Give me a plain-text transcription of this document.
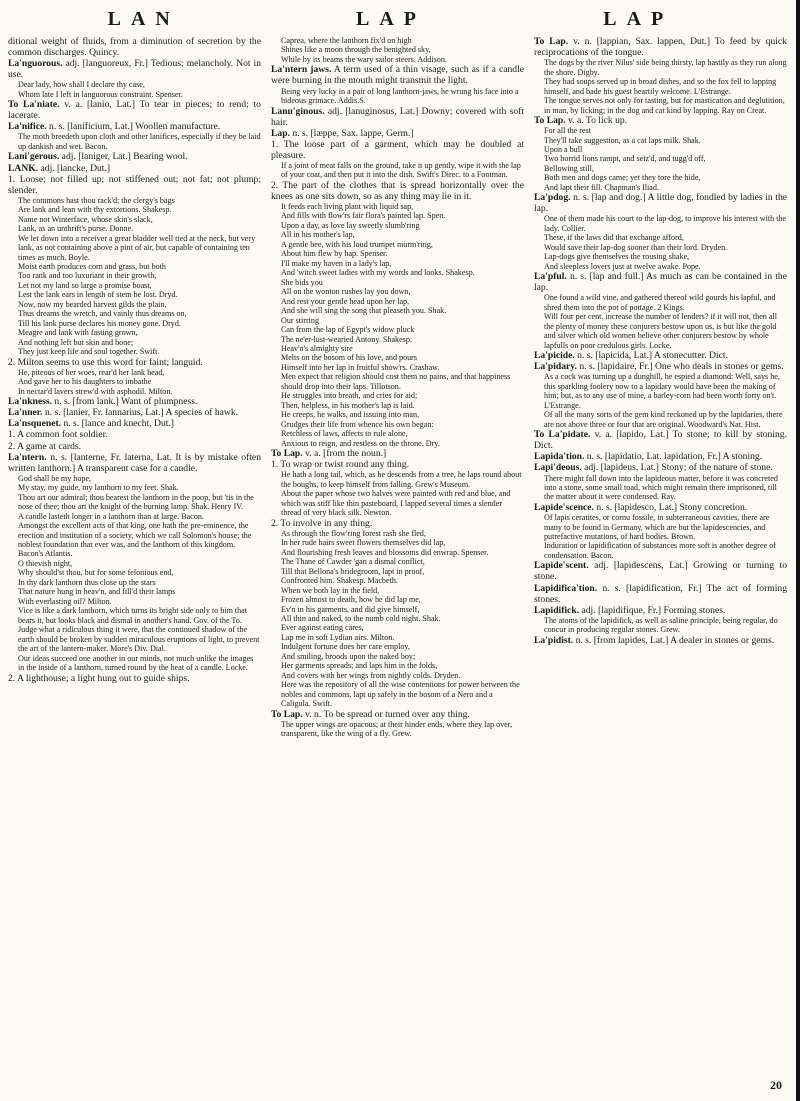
LAN	LAP	LAP

ditional weight of fluids, from a diminution of secretion by the common discharges. Quincy.

La'nguorous. adj. [languoreux, Fr.] Tedious; melancholy. Not in use.

Dear lady, how shall I declare thy case,
Whom late I left in languorous constraint. Spenser.

To La'niate. v. a. [lanio, Lat.] To tear in pieces; to rend; to lacerate.

La'nifice. n. s. [lanificium, Lat.] Woollen manufacture.

The moth breedeth upon cloth and other lanifices, especially if they be laid up dankish and wet. Bacon.

Lani'gerous. adj. [laniger, Lat.] Bearing wool.

LANK. adj. [lancke, Dut.]

1. Loose; not filled up; not stiffened out; not fat; not plump; slender.

The commons hast thou rack'd; the clergy's bags
Are lank and lean with thy extortions. Shakesp.
Name not Winterface, whose skin's slack,
Lank, as an unthrift's purse. Donne.
We let down into a receiver a great bladder well tied at the neck, but very lank, as not containing above a pint of air, but capable of containing ten times as much. Boyle.
Moist earth produces corn and grass, but both
Too rank and too luxuriant in their growth,
Let not my land so large a promise boast,
Lest the lank ears in length of stem be lost. Dryd.
Now, now my bearded harvest gilds the plain,
Thus dreams the wretch, and vainly thus dreams on,
Till his lank purse declares his money gone. Dryd.
Meagre and lank with fasting grown,
And nothing left but skin and bone;
They just keep life and soul together. Swift.

2. Milton seems to use this word for faint; languid.

He, piteous of her woes, rear'd her lank head,
And gave her to his daughters to imbathe
In nectar'd lavers strew'd with asphodil. Milton.

La'nkness. n. s. [from lank.] Want of plumpness.

La'nner. n. s. [lanier, Fr. lannarius, Lat.] A species of hawk.

La'nsquenet. n. s. [lance and knecht, Dut.]

1. A common foot soldier.

2. A game at cards.

La'ntern. n. s. [lanterne, Fr. laterna, Lat. It is by mistake often written lanthorn.] A transparent case for a candle.

God shall be my hope,
My stay, my guide, my lanthorn to my feet. Shak.
Thou art our admiral; thou bearest the lanthorn in the poop, but 'tis in the nose of thee; thou art the knight of the burning lamp. Shak. Henry IV.
A candle lasteth longer in a lanthorn than at large. Bacon.
Amongst the excellent acts of that king, one hath the pre-eminence, the erection and institution of a society, which we call Solomon's house; the noblest foundation that ever was, and the lanthorn of this kingdom. Bacon's Atlantis.
O thievish night,
Why should'st thou, but for some felonious end,
In thy dark lanthorn thus close up the stars
That nature hung in heav'n, and fill'd their lamps
With everlasting oil? Milton.
Vice is like a dark lanthorn, which turns its bright side only to him that bears it, but looks black and dismal in another's hand. Gov. of the To.
Judge what a ridiculous thing it were, that the continued shadow of the earth should be broken by sudden miraculous eruptions of light, to prevent the art of the lantern-maker. More's Div. Dial.
Our ideas succeed one another in our minds, not much unlike the images in the inside of a lanthorn, turned round by the heat of a candle. Locke.

2. A lighthouse; a light hung out to guide ships.

Caprea, where the lanthorn fix'd on high
Shines like a moon through the benighted sky,
While by its beams the wary sailor steers. Addison.

La'ntern jaws. A term used of a thin visage, such as if a candle were burning in the mouth might transmit the light.

Being very lucky in a pair of long lanthorn-jaws, he wrung his face into a hideous grimace. Addis.S.

Lanu'ginous. adj. [lanuginosus, Lat.] Downy; covered with soft hair.

Lap. n. s. [læppe, Sax. lappe, Germ.]

1. The loose part of a garment, which may be doubled at pleasure.

If a joint of meat falls on the ground, take it up gently, wipe it with the lap of your coat, and then put it into the dish. Swift's Direc. to a Footman.

2. The part of the clothes that is spread horizontally over the knees as one sits down, so as any thing may lie in it.

It feeds each living plant with liquid sap,
And fills with flow'rs fair flora's painted lap. Spen.
Upon a day, as love lay sweetly slumb'ring
All in his mother's lap,
A gentle bee, with his loud trumpet murm'ring,
About him flew by hap. Spenser.
I'll make my haven in a lady's lap,
And 'witch sweet ladies with my words and looks. Shakesp.
She bids you
All on the wonton rushes lay you down,
And rest your gentle head upon her lap,
And she will sing the song that pleaseth you. Shak.
Our stirring
Can from the lap of Egypt's widow pluck
The ne'er-lust-wearied Antony. Shakesp.
Heav'n's almighty sire
Melts on the bosom of his love, and pours
Himself into her lap in fruitful show'rs. Crashaw.
Men expect that religion should cost them no pains, and that happiness should drop into their laps. Tillotson.
He struggles into breath, and cries for aid;
Then, helpless, in his mother's lap is laid.
He creeps, he walks, and issuing into man,
Grudges their life from whence his own began:
Retchless of laws, affects to rule alone,
Anxious to reign, and restless on the throne. Dry.

To Lap. v. a. [from the noun.]

1. To wrap or twist round any thing.

He hath a long tail, which, as he descends from a tree, he laps round about the boughs, to keep himself from falling. Grew's Museum.
About the paper whose two halves were painted with red and blue, and which was stiff like thin pasteboard, I lapped several times a slender thread of very black silk. Newton.

2. To involve in any thing.

As through the flow'ring forest rash she fled,
In her rude hairs sweet flowers themselves did lap,
And flourishing fresh leaves and blossoms did enwrap. Spenser.
The Thane of Cawder 'gan a dismal conflict,
Till that Bellona's bridegroom, lapt in proof,
Confronted him. Shakesp. Macbeth.
When we both lay in the field,
Frozen almost to death, how he did lap me,
Ev'n in his garments, and did give himself,
All thin and naked, to the numb cold night. Shak.
Ever against eating cares,
Lap me in soft Lydian airs. Milton.
Indulgent fortune does her care employ,
And smiling, broods upon the naked boy;
Her garments spreads; and laps him in the folds,
And covers with her wings from nightly colds. Dryden.
Here was the repository of all the wise contentions for power between the nobles and commons, lapt up safely in the bosom of a Nero and a Caligula. Swift.

To Lap. v. n. To be spread or turned over any thing.

The upper wings are opacous; at their hinder ends, where they lap over, transparent, like the wing of a fly. Grew.

To Lap. v. n. [lappian, Sax. lappen, Dut.] To feed by quick reciprocations of the tongue.

The dogs by the river Nilus' side being thirsty, lap hastily as they run along the shore. Digby.
They had soups served up in broad dishes, and so the fox fell to lapping himself, and bade his guest heartily welcome. L'Estrange.
The tongue serves not only for tasting, but for mastication and deglutition, in man, by licking; in the dog and cat kind by lapping. Ray on Creat.

To Lap. v. a. To lick up.

For all the rest
They'll take suggestion, as a cat laps milk. Shak.
Upon a bull
Two horrid lions rampt, and seiz'd, and tugg'd off,
Bellowing still,
Both men and dogs came; yet they tore the hide,
And lapt their fill. Chapman's Iliad.

La'pdog. n. s. [lap and dog.] A little dog, fondled by ladies in the lap.

One of them made his court to the lap-dog, to improve his interest with the lady. Collier.
These, if the laws did that exchange afford,
Would save their lap-dog sooner than their lord. Dryden.
Lap-dogs give themselves the rousing shake,
And sleepless lovers just at twelve awake. Pope.

La'pful. n. s. [lap and full.] As much as can be contained in the lap.

One found a wild vine, and gathered thereof wild gourds his lapful, and shred them into the pot of pottage. 2 Kings.
Will four per cent. increase the number of lenders? if it will not, then all the plenty of money these conjurers bestow upon us, is but like the gold and silver which old women believe other conjurers bestow by whole lapfulls on poor credulous girls. Locke.

La'picide. n. s. [lapicida, Lat.] A stonecutter. Dict.

La'pidary. n. s. [lapidaire, Fr.] One who deals in stones or gems.

As a cock was turning up a dunghill, he espied a diamond: Well, says he, this sparkling foolery now to a lapidary would have been the making of him; but, as to any use of mine, a barley-corn had been worth forty on't. L'Estrange.
Of all the many sorts of the gem kind reckoned up by the lapidaries, there are not above three or four that are original. Woodward's Nat. Hist.

To La'pidate. v. a. [lapido, Lat.] To stone; to kill by stoning. Dict.

Lapida'tion. n. s. [lapidatio, Lat. lapidation, Fr.] A stoning.

Lapi'deous. adj. [lapideus, Lat.] Stony; of the nature of stone.

There might fall down into the lapideous matter, before it was concreted into a stone, some small toad, which might remain there imprisoned, till the matter about it were condensed. Ray.

Lapide'scence. n. s. [lapidesco, Lat.] Stony concretion.

Of lapis ceratites, or cornu fossile, in subterraneous cavities, there are many to be found in Germany, which are but the lapidescencies, and putrefactive mutations, of hard bodies. Brown.
Induration or lapidification of substances more soft is another degree of condensation. Bacon.

Lapide'scent. adj. [lapidescens, Lat.] Growing or turning to stone.

Lapidifica'tion. n. s. [lapidification, Fr.] The act of forming stones.

Lapidifick. adj. [lapidifique, Fr.] Forming stones.

The atoms of the lapidifick, as well as saline principle, being regular, do concur in producing regular stones. Grew.

La'pidist. n. s. [from lapides, Lat.] A dealer in stones or gems.

20
